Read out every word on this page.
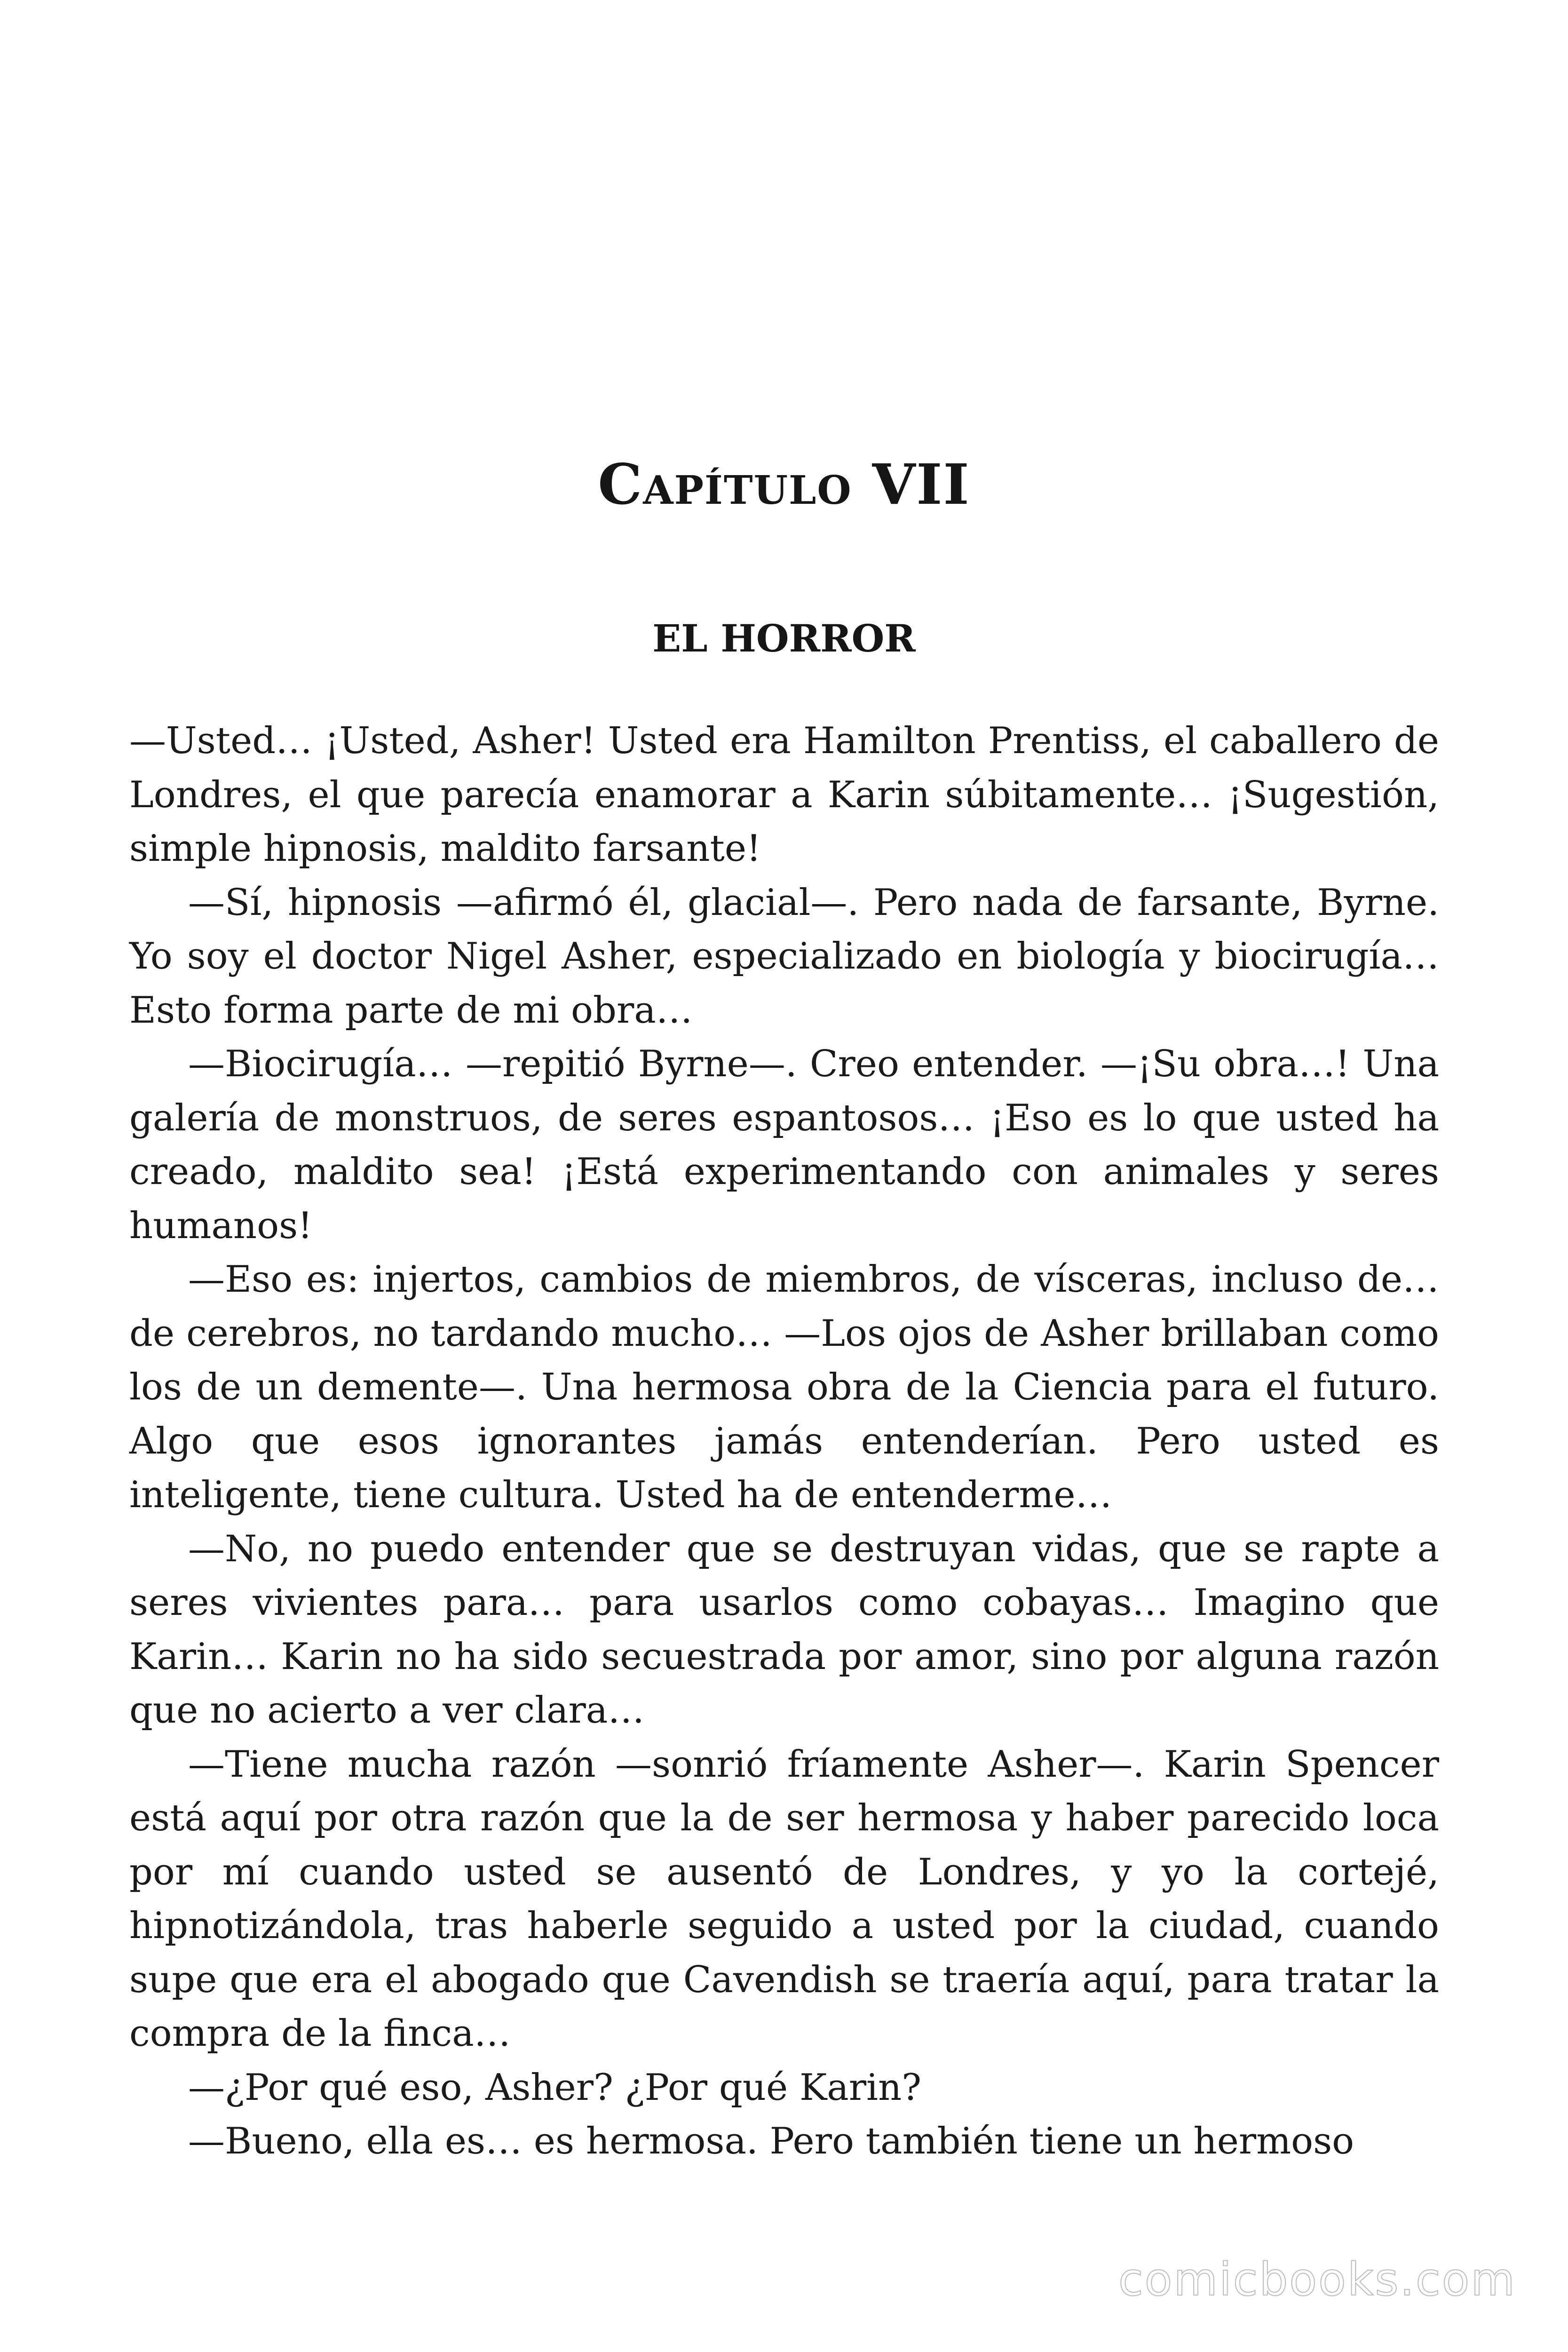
Capítulo VII
EL HORROR

—Usted… ¡Usted, Asher! Usted era Hamilton Prentiss, el caballero de Londres, el que parecía enamorar a Karin súbitamente… ¡Sugestión, simple hipnosis, maldito farsante!

—Sí, hipnosis —afirmó él, glacial—. Pero nada de farsante, Byrne. Yo soy el doctor Nigel Asher, especializado en biología y biocirugía… Esto forma parte de mi obra…

—Biocirugía… —repitió Byrne—. Creo entender. —¡Su obra…! Una galería de monstruos, de seres espantosos… ¡Eso es lo que usted ha creado, maldito sea! ¡Está experimentando con animales y seres humanos!

—Eso es: injertos, cambios de miembros, de vísceras, incluso de… de cerebros, no tardando mucho… —Los ojos de Asher brillaban como los de un demente—. Una hermosa obra de la Ciencia para el futuro. Algo que esos ignorantes jamás entenderían. Pero usted es inteligente, tiene cultura. Usted ha de entenderme…

—No, no puedo entender que se destruyan vidas, que se rapte a seres vivientes para… para usarlos como cobayas… Imagino que Karin… Karin no ha sido secuestrada por amor, sino por alguna razón que no acierto a ver clara…

—Tiene mucha razón —sonrió fríamente Asher—. Karin Spencer está aquí por otra razón que la de ser hermosa y haber parecido loca por mí cuando usted se ausentó de Londres, y yo la cortejé, hipnotizándola, tras haberle seguido a usted por la ciudad, cuando supe que era el abogado que Cavendish se traería aquí, para tratar la compra de la finca…

—¿Por qué eso, Asher? ¿Por qué Karin?

—Bueno, ella es… es hermosa. Pero también tiene un hermoso

comicbooks.com
